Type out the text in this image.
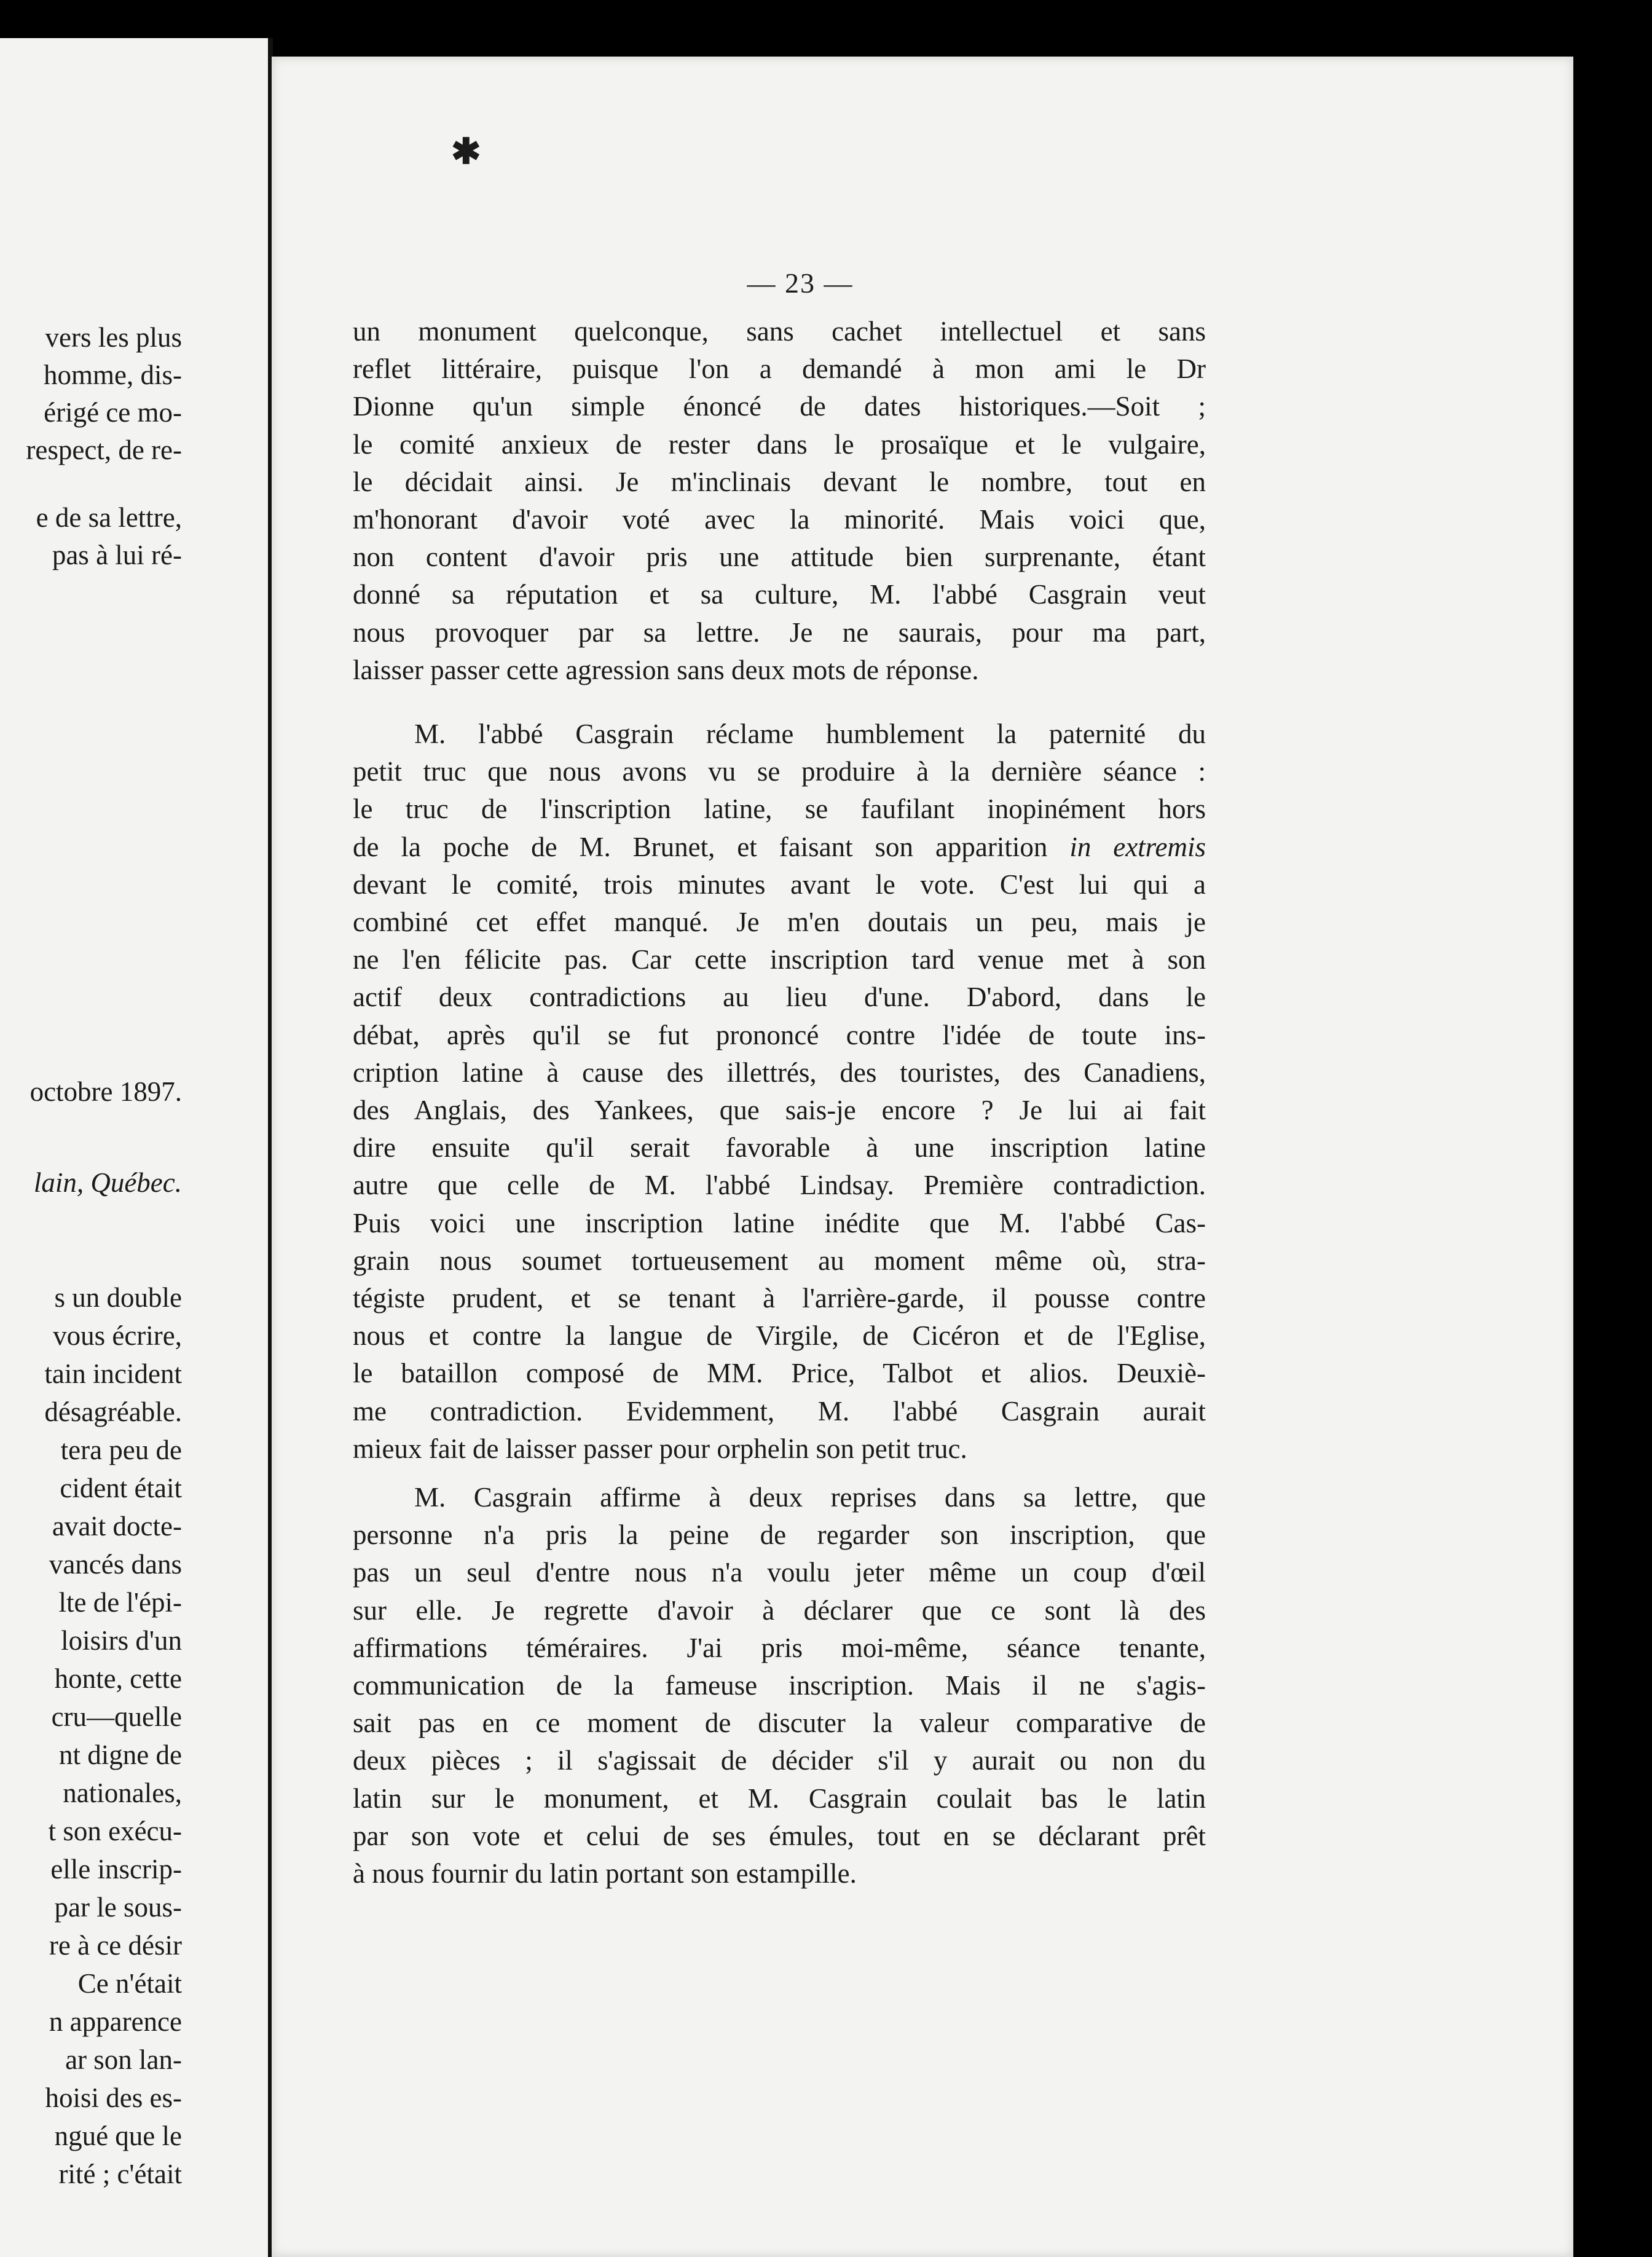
vers les plus
homme, dis-
érigé ce mo-
respect, de re-
e de sa lettre,
pas à lui ré-
octobre 1897.
lain, Québec.
s un double
vous écrire,
tain incident
désagréable.
tera peu de
cident était
avait docte-
vancés dans
lte de l'épi-
loisirs d'un
honte, cette
cru—quelle
nt digne de
nationales,
t son exécu-
elle inscrip-
par le sous-
re à ce désir
Ce n'était
n apparence
ar son lan-
hoisi des es-
ngué que le
rité ; c'était
✱
— 23 —
un monument quelconque, sans cachet intellectuel et sans
reflet littéraire, puisque l'on a demandé à mon ami le Dr
Dionne qu'un simple énoncé de dates historiques.—Soit ;
le comité anxieux de rester dans le prosaïque et le vulgaire,
le décidait ainsi. Je m'inclinais devant le nombre, tout en
m'honorant d'avoir voté avec la minorité. Mais voici que,
non content d'avoir pris une attitude bien surprenante, étant
donné sa réputation et sa culture, M. l'abbé Casgrain veut
nous provoquer par sa lettre. Je ne saurais, pour ma part,
laisser passer cette agression sans deux mots de réponse.
M. l'abbé Casgrain réclame humblement la paternité du
petit truc que nous avons vu se produire à la dernière séance :
le truc de l'inscription latine, se faufilant inopinément hors
de la poche de M. Brunet, et faisant son apparition in extremis
devant le comité, trois minutes avant le vote. C'est lui qui a
combiné cet effet manqué. Je m'en doutais un peu, mais je
ne l'en félicite pas. Car cette inscription tard venue met à son
actif deux contradictions au lieu d'une. D'abord, dans le
débat, après qu'il se fut prononcé contre l'idée de toute ins-
cription latine à cause des illettrés, des touristes, des Canadiens,
des Anglais, des Yankees, que sais-je encore ? Je lui ai fait
dire ensuite qu'il serait favorable à une inscription latine
autre que celle de M. l'abbé Lindsay. Première contradiction.
Puis voici une inscription latine inédite que M. l'abbé Cas-
grain nous soumet tortueusement au moment même où, stra-
tégiste prudent, et se tenant à l'arrière-garde, il pousse contre
nous et contre la langue de Virgile, de Cicéron et de l'Eglise,
le bataillon composé de MM. Price, Talbot et alios. Deuxiè-
me contradiction. Evidemment, M. l'abbé Casgrain aurait
mieux fait de laisser passer pour orphelin son petit truc.
M. Casgrain affirme à deux reprises dans sa lettre, que
personne n'a pris la peine de regarder son inscription, que
pas un seul d'entre nous n'a voulu jeter même un coup d'œil
sur elle. Je regrette d'avoir à déclarer que ce sont là des
affirmations téméraires. J'ai pris moi-même, séance tenante,
communication de la fameuse inscription. Mais il ne s'agis-
sait pas en ce moment de discuter la valeur comparative de
deux pièces ; il s'agissait de décider s'il y aurait ou non du
latin sur le monument, et M. Casgrain coulait bas le latin
par son vote et celui de ses émules, tout en se déclarant prêt
à nous fournir du latin portant son estampille.
